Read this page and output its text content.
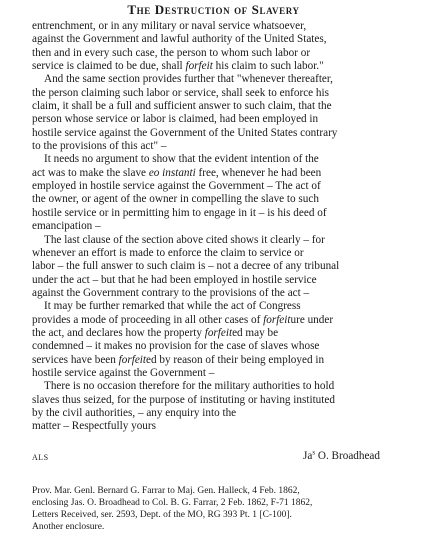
The Destruction of Slavery
entrenchment, or in any military or naval service whatsoever,
against the Government and lawful authority of the United States,
then and in every such case, the person to whom such labor or
service is claimed to be due, shall forfeit his claim to such labor."
And the same section provides further that "whenever thereafter,
the person claiming such labor or service, shall seek to enforce his
claim, it shall be a full and sufficient answer to such claim, that the
person whose service or labor is claimed, had been employed in
hostile service against the Government of the United States contrary
to the provisions of this act" –
It needs no argument to show that the evident intention of the
act was to make the slave eo instanti free, whenever he had been
employed in hostile service against the Government – The act of
the owner, or agent of the owner in compelling the slave to such
hostile service or in permitting him to engage in it – is his deed of
emancipation –
The last clause of the section above cited shows it clearly – for
whenever an effort is made to enforce the claim to service or
labor – the full answer to such claim is – not a decree of any tribunal
under the act – but that he had been employed in hostile service
against the Government contrary to the provisions of the act –
It may be further remarked that while the act of Congress
provides a mode of proceeding in all other cases of forfeiture under
the act, and declares how the property forfeited may be
condemned – it makes no provision for the case of slaves whose
services have been forfeited by reason of their being employed in
hostile service against the Government –
There is no occasion therefore for the military authorities to hold
slaves thus seized, for the purpose of instituting or having instituted
by the civil authorities, – any enquiry into the
matter – Respectfully yours
ALS	Ja$^s$ O. Broadhead
Prov. Mar. Genl. Bernard G. Farrar to Maj. Gen. Halleck, 4 Feb. 1862,
enclosing Jas. O. Broadhead to Col. B. G. Farrar, 2 Feb. 1862, F-71 1862,
Letters Received, ser. 2593, Dept. of the MO, RG 393 Pt. 1 [C-100].
Another enclosure.
